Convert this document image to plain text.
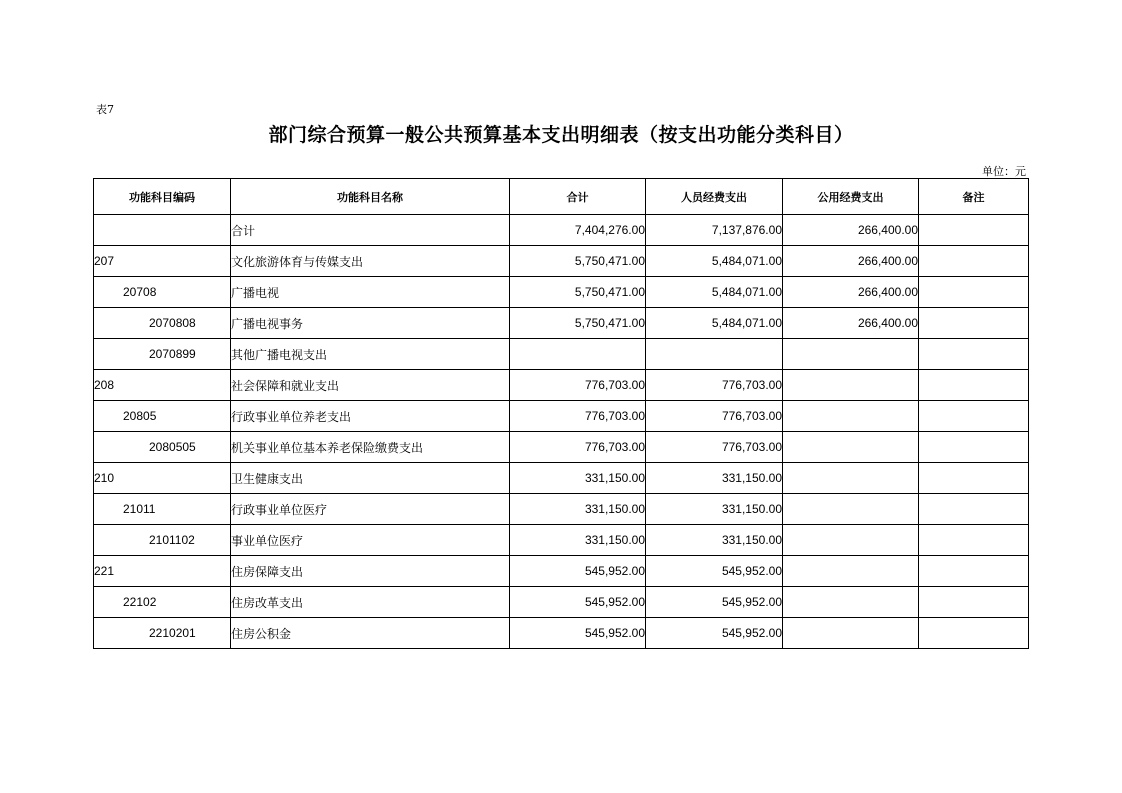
表7
部门综合预算一般公共预算基本支出明细表（按支出功能分类科目）
单位：元
功能科目编码	功能科目名称	合计	人员经费支出	公用经费支出	备注
	合计	7,404,276.00	7,137,876.00	266,400.00	
207	文化旅游体育与传媒支出	5,750,471.00	5,484,071.00	266,400.00	
20708	广播电视	5,750,471.00	5,484,071.00	266,400.00	
2070808	广播电视事务	5,750,471.00	5,484,071.00	266,400.00	
2070899	其他广播电视支出				
208	社会保障和就业支出	776,703.00	776,703.00		
20805	行政事业单位养老支出	776,703.00	776,703.00		
2080505	机关事业单位基本养老保险缴费支出	776,703.00	776,703.00		
210	卫生健康支出	331,150.00	331,150.00		
21011	行政事业单位医疗	331,150.00	331,150.00		
2101102	事业单位医疗	331,150.00	331,150.00		
221	住房保障支出	545,952.00	545,952.00		
22102	住房改革支出	545,952.00	545,952.00		
2210201	住房公积金	545,952.00	545,952.00		
